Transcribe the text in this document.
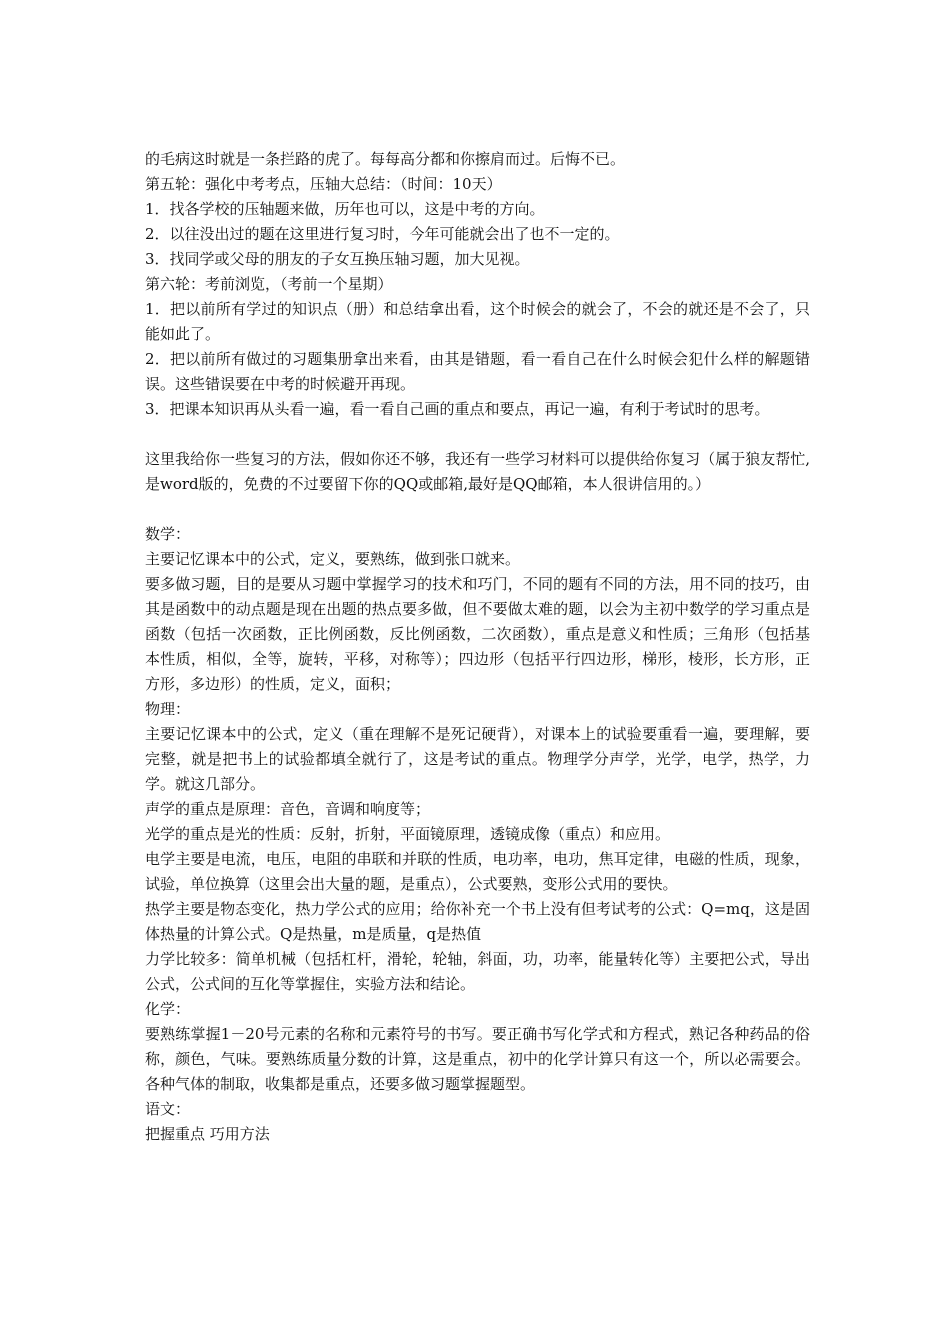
的毛病这时就是一条拦路的虎了。每每高分都和你擦肩而过。后悔不已。

第五轮：强化中考考点，压轴大总结：（时间：10天）

1．找各学校的压轴题来做，历年也可以，这是中考的方向。

2．以往没出过的题在这里进行复习时，今年可能就会出了也不一定的。

3．找同学或父母的朋友的子女互换压轴习题，加大见视。

第六轮：考前浏览，（考前一个星期）

1．把以前所有学过的知识点（册）和总结拿出看，这个时候会的就会了，不会的就还是不会了，只能如此了。

2．把以前所有做过的习题集册拿出来看，由其是错题，看一看自己在什么时候会犯什么样的解题错误。这些错误要在中考的时候避开再现。

3．把课本知识再从头看一遍，看一看自己画的重点和要点，再记一遍，有利于考试时的思考。

这里我给你一些复习的方法，假如你还不够，我还有一些学习材料可以提供给你复习（属于狼友帮忙,是word版的，免费的不过要留下你的QQ或邮箱,最好是QQ邮箱，本人很讲信用的。）

数学：

主要记忆课本中的公式，定义，要熟练，做到张口就来。

要多做习题，目的是要从习题中掌握学习的技术和巧门，不同的题有不同的方法，用不同的技巧，由其是函数中的动点题是现在出题的热点要多做，但不要做太难的题，以会为主初中数学的学习重点是函数（包括一次函数，正比例函数，反比例函数，二次函数），重点是意义和性质；三角形（包括基本性质，相似，全等，旋转，平移，对称等）；四边形（包括平行四边形，梯形，棱形，长方形，正方形，多边形）的性质，定义，面积；

物理：

主要记忆课本中的公式，定义（重在理解不是死记硬背），对课本上的试验要重看一遍，要理解，要完整，就是把书上的试验都填全就行了，这是考试的重点。物理学分声学，光学，电学，热学，力学。就这几部分。

声学的重点是原理：音色，音调和响度等；

光学的重点是光的性质：反射，折射，平面镜原理，透镜成像（重点）和应用。

电学主要是电流，电压，电阻的串联和并联的性质，电功率，电功，焦耳定律，电磁的性质，现象，试验，单位换算（这里会出大量的题，是重点），公式要熟，变形公式用的要快。

热学主要是物态变化，热力学公式的应用；给你补充一个书上没有但考试考的公式：Q=mq，这是固体热量的计算公式。Q是热量，m是质量，q是热值

力学比较多：简单机械（包括杠杆，滑轮，轮轴，斜面，功，功率，能量转化等）主要把公式，导出公式，公式间的互化等掌握住，实验方法和结论。

化学：

要熟练掌握1－20号元素的名称和元素符号的书写。要正确书写化学式和方程式，熟记各种药品的俗称，颜色，气味。要熟练质量分数的计算，这是重点，初中的化学计算只有这一个，所以必需要会。各种气体的制取，收集都是重点，还要多做习题掌握题型。

语文：

把握重点 巧用方法
